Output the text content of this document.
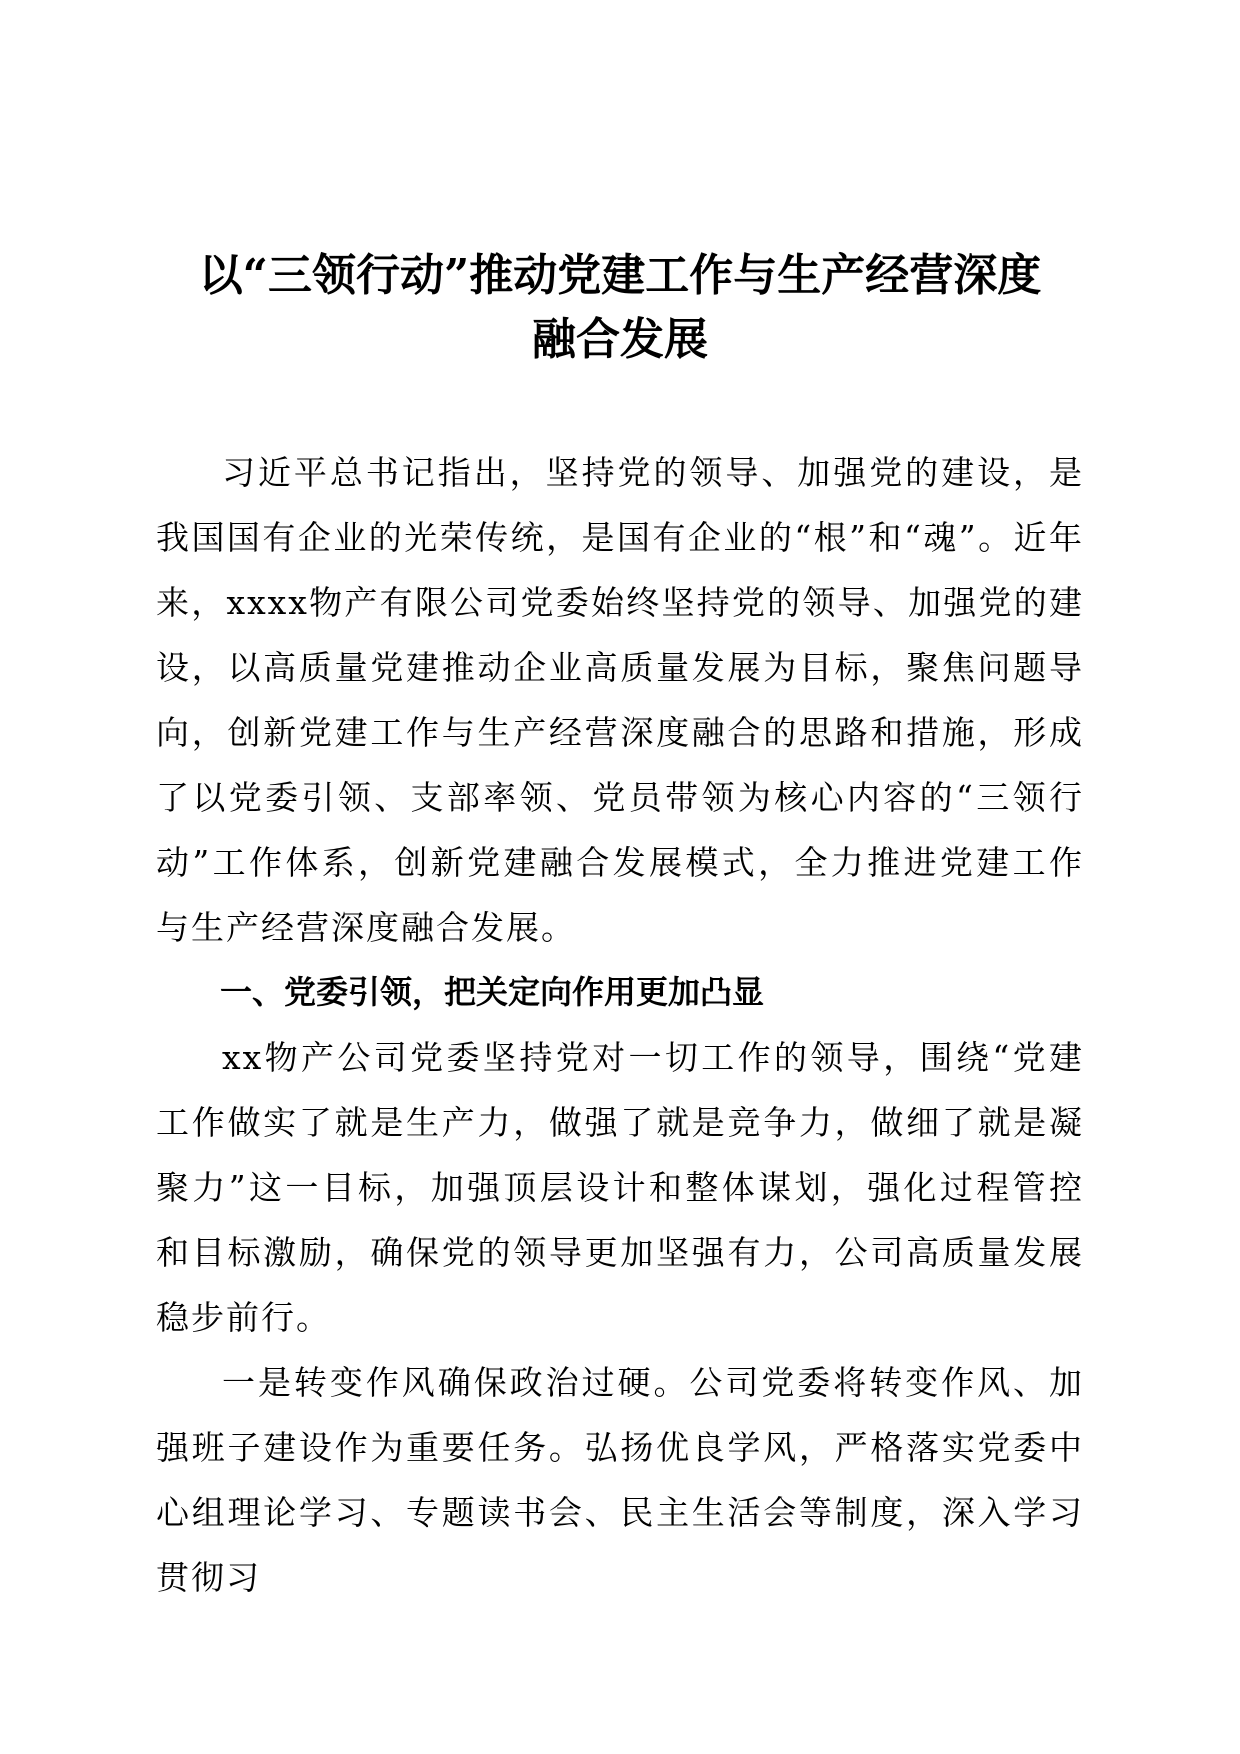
以“三领行动”推动党建工作与生产经营深度
融合发展

习近平总书记指出，坚持党的领导、加强党的建设，是我国国有企业的光荣传统，是国有企业的“根”和“魂”。近年来，xxxx物产有限公司党委始终坚持党的领导、加强党的建设，以高质量党建推动企业高质量发展为目标，聚焦问题导向，创新党建工作与生产经营深度融合的思路和措施，形成了以党委引领、支部率领、党员带领为核心内容的“三领行动”工作体系，创新党建融合发展模式，全力推进党建工作与生产经营深度融合发展。

一、党委引领，把关定向作用更加凸显

xx物产公司党委坚持党对一切工作的领导，围绕“党建工作做实了就是生产力，做强了就是竞争力，做细了就是凝聚力”这一目标，加强顶层设计和整体谋划，强化过程管控和目标激励，确保党的领导更加坚强有力，公司高质量发展稳步前行。

一是转变作风确保政治过硬。公司党委将转变作风、加强班子建设作为重要任务。弘扬优良学风，严格落实党委中心组理论学习、专题读书会、民主生活会等制度，深入学习贯彻习
